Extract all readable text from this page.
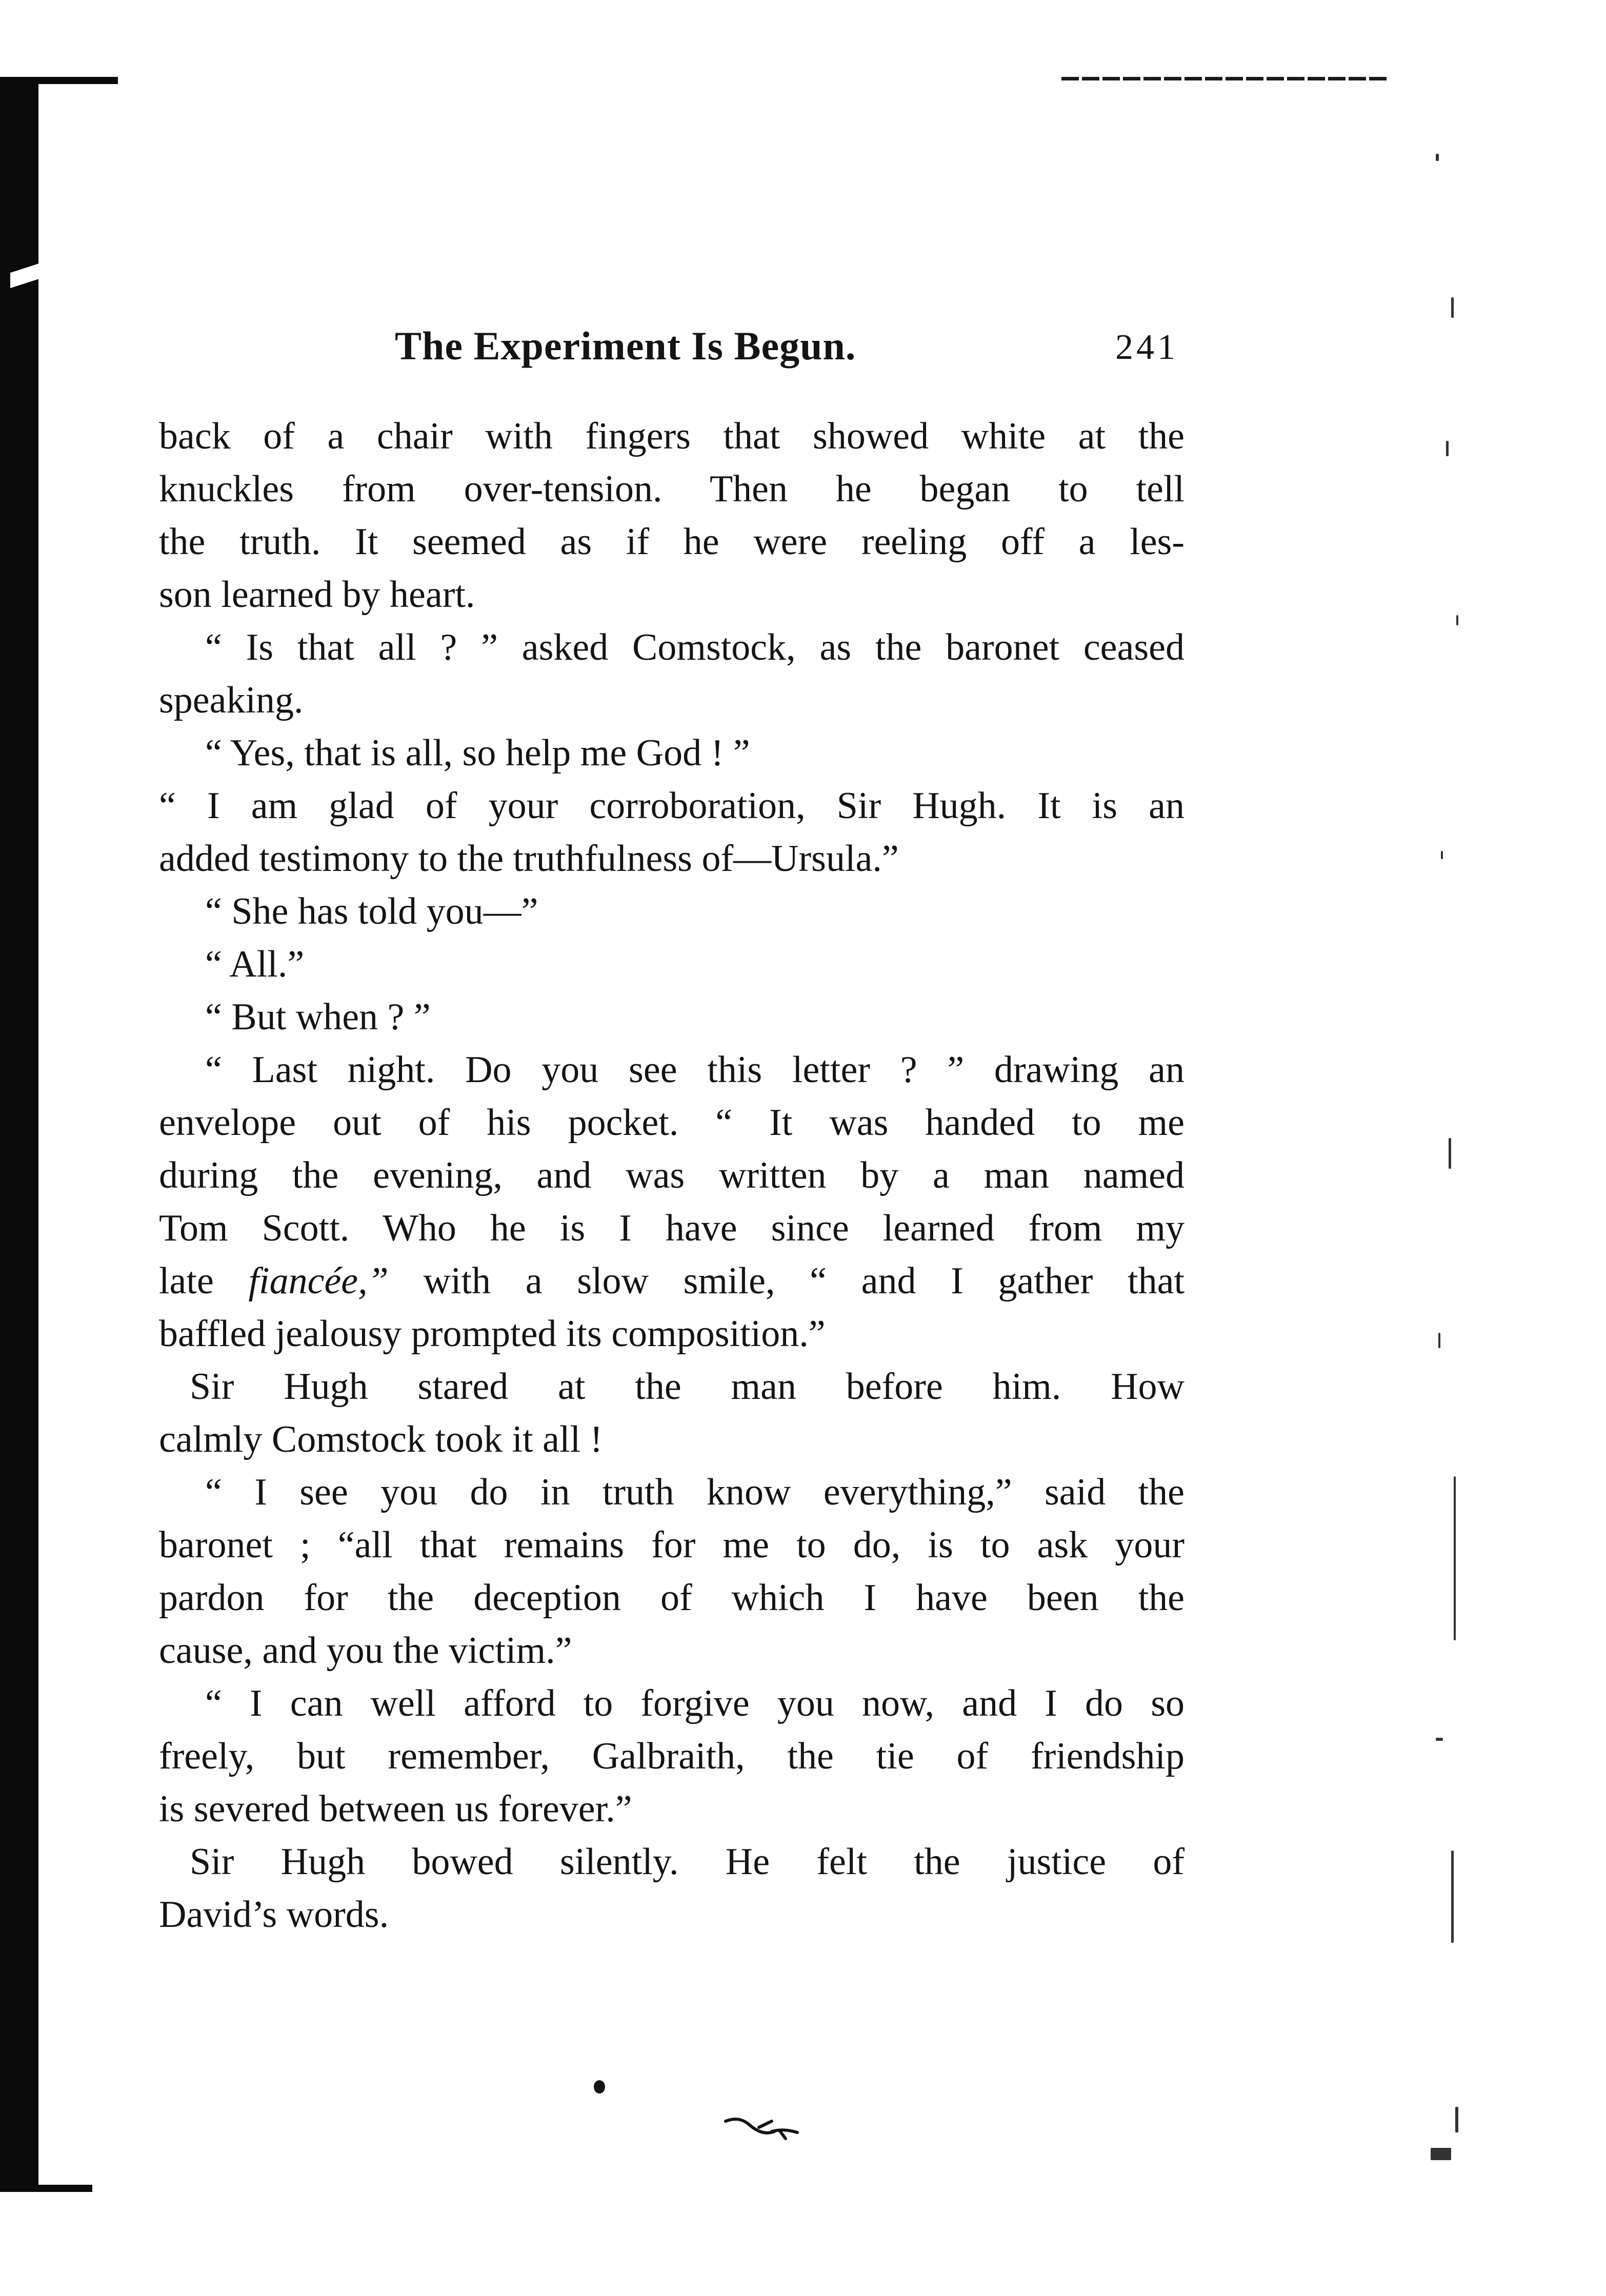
The Experiment Is Begun.	241
back of a chair with fingers that showed white at the
knuckles from over-tension. Then he began to tell
the truth. It seemed as if he were reeling off a les-
son learned by heart.
“ Is that all ? ” asked Comstock, as the baronet ceased
speaking.
“ Yes, that is all, so help me God ! ”
“ I am glad of your corroboration, Sir Hugh. It is an
added testimony to the truthfulness of—Ursula.”
“ She has told you—”
“ All.”
“ But when ? ”
“ Last night. Do you see this letter ? ” drawing an
envelope out of his pocket. “ It was handed to me
during the evening, and was written by a man named
Tom Scott. Who he is I have since learned from my
late fiancée,” with a slow smile, “ and I gather that
baffled jealousy prompted its composition.”
Sir Hugh stared at the man before him. How
calmly Comstock took it all !
“ I see you do in truth know everything,” said the
baronet ; “all that remains for me to do, is to ask your
pardon for the deception of which I have been the
cause, and you the victim.”
“ I can well afford to forgive you now, and I do so
freely, but remember, Galbraith, the tie of friendship
is severed between us forever.”
Sir Hugh bowed silently. He felt the justice of
David’s words.
